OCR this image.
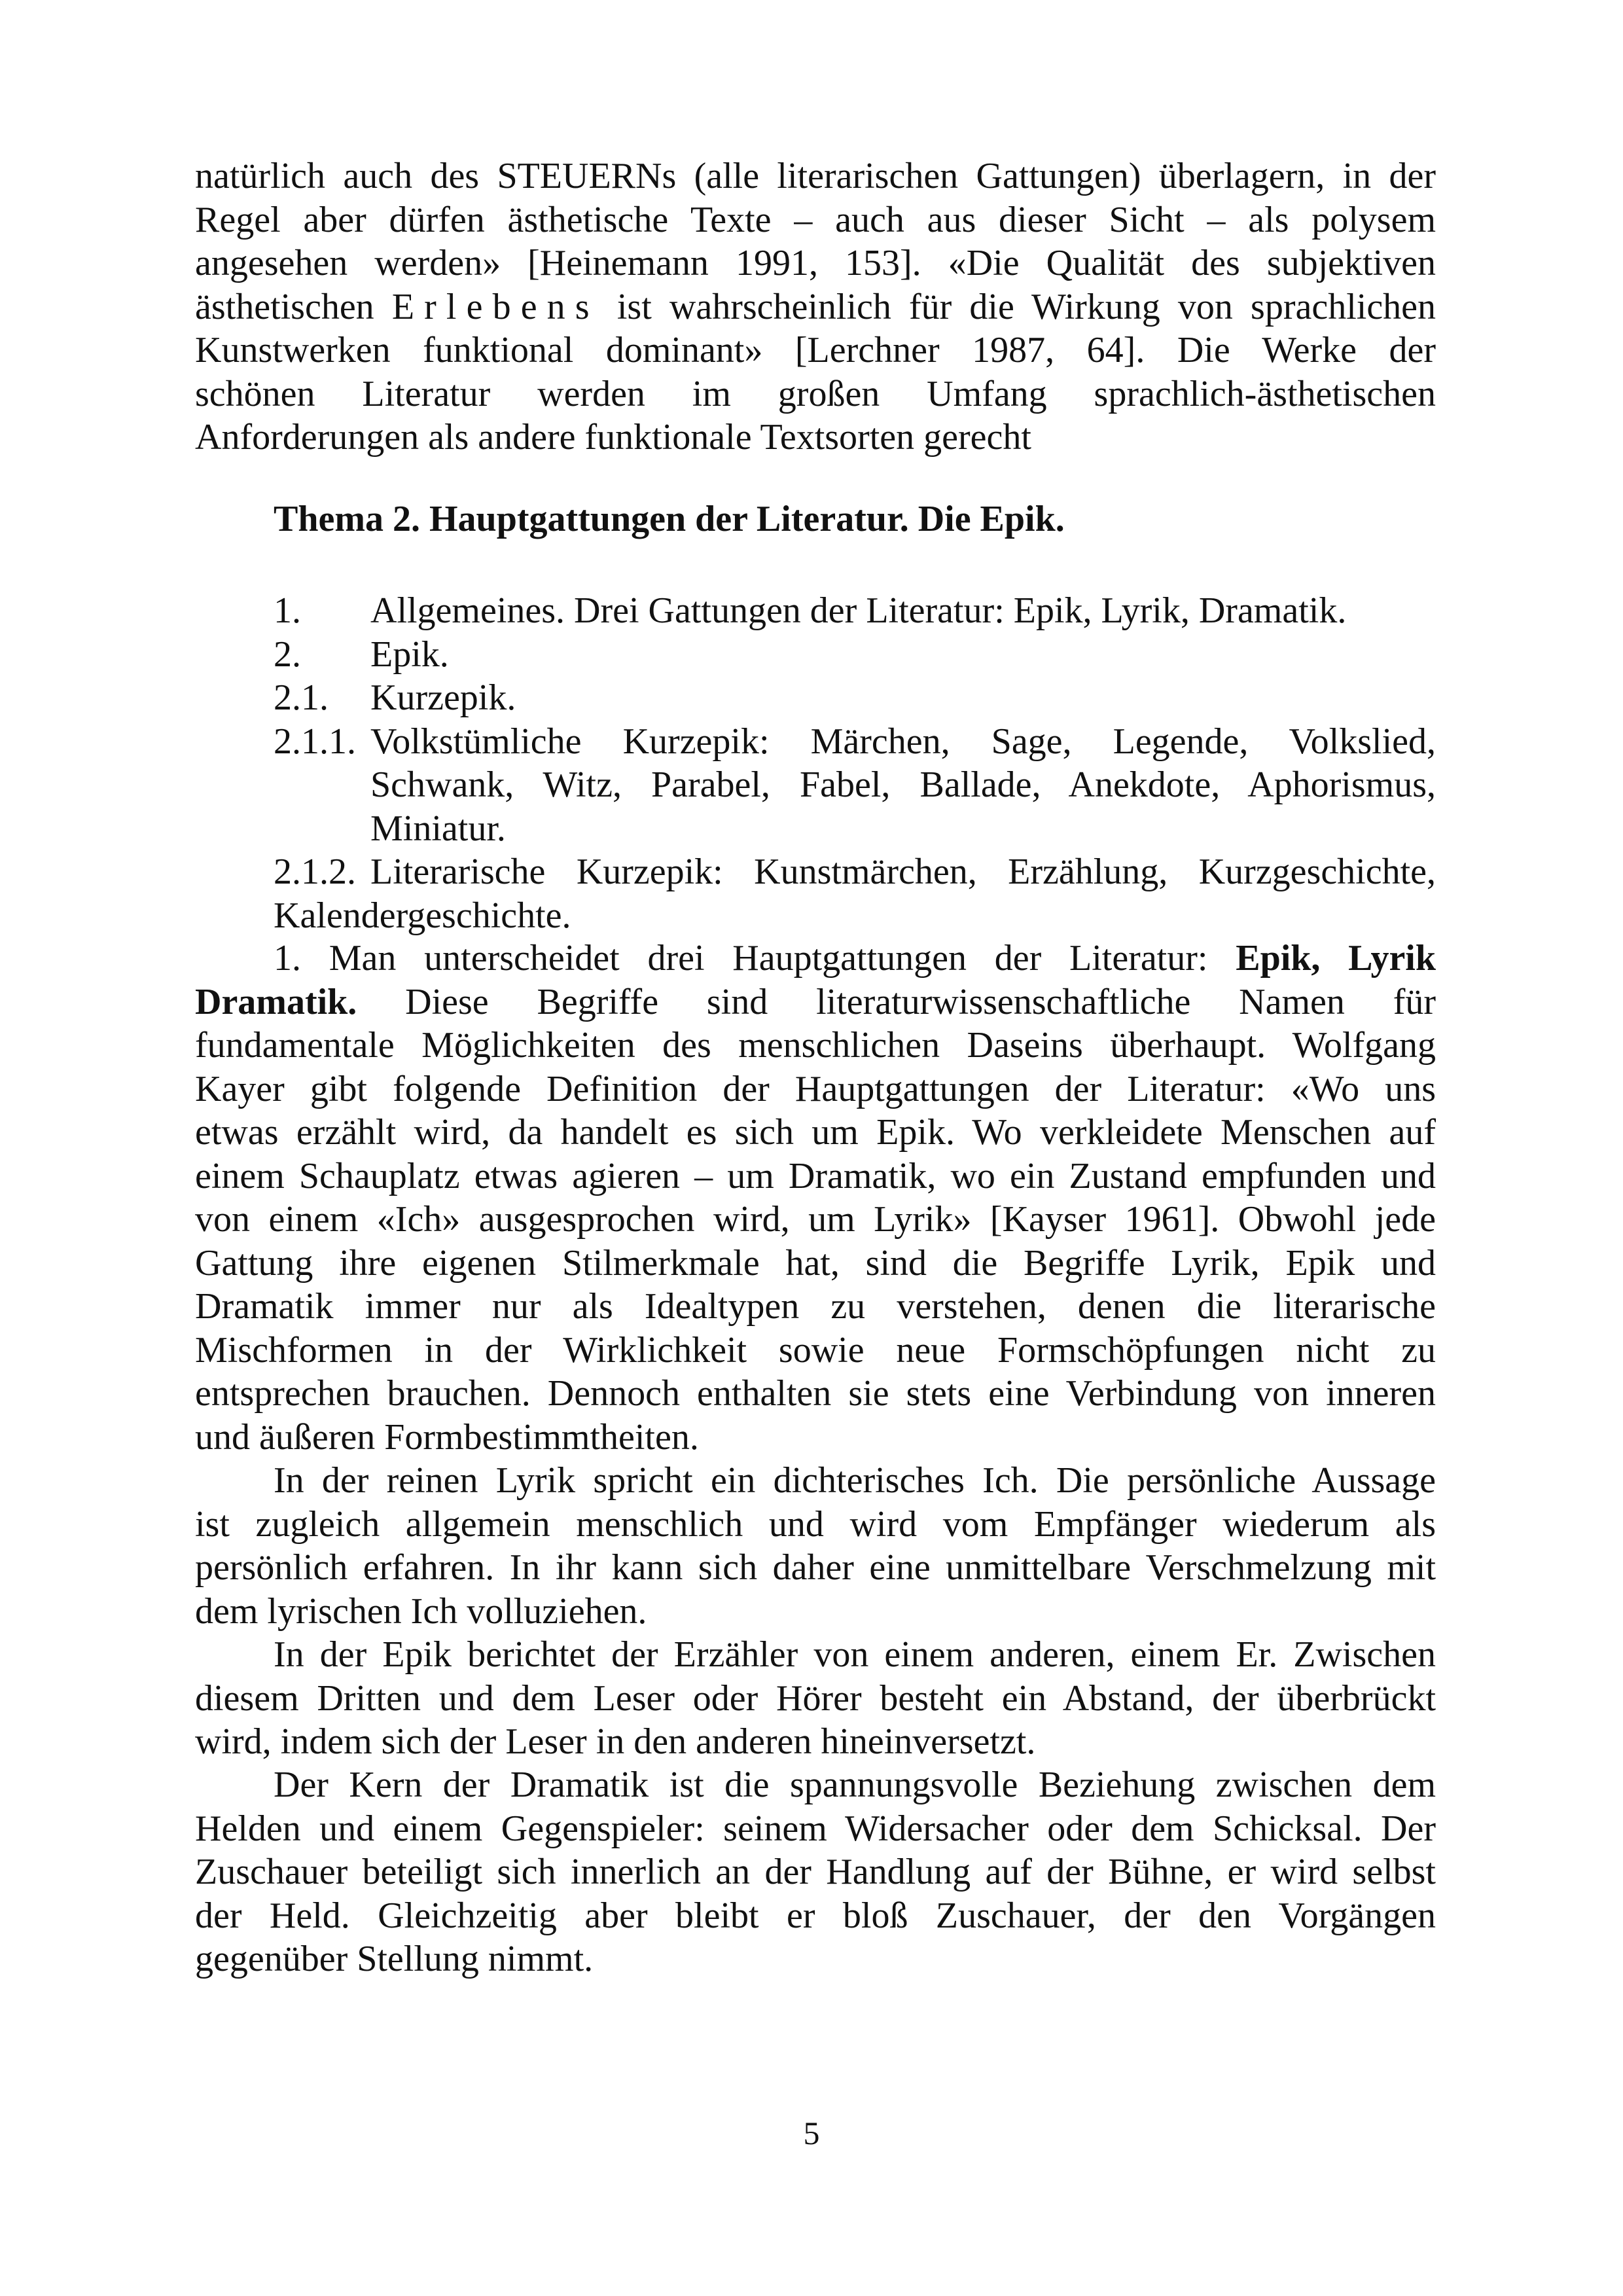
natürlich auch des STEUERNs (alle literarischen Gattungen) überlagern, in der
Regel aber dürfen ästhetische Texte – auch aus dieser Sicht – als polysem
angesehen werden» [Heinemann 1991, 153]. «Die Qualität des subjektiven
ästhetischen Erlebens ist wahrscheinlich für die Wirkung von sprachlichen
Kunstwerken funktional dominant» [Lerchner 1987, 64]. Die Werke der
schönen Literatur werden im großen Umfang sprachlich-ästhetischen
Anforderungen als andere funktionale Textsorten gerecht
Thema 2. Hauptgattungen der Literatur. Die Epik.
1. Allgemeines. Drei Gattungen der Literatur: Epik, Lyrik, Dramatik.
2. Epik.
2.1. Kurzepik.
2.1.1. Volkstümliche Kurzepik: Märchen, Sage, Legende, Volkslied,
Schwank, Witz, Parabel, Fabel, Ballade, Anekdote, Aphorismus,
Miniatur.
2.1.2. Literarische Kurzepik: Kunstmärchen, Erzählung, Kurzgeschichte,
Kalendergeschichte.
1. Man unterscheidet drei Hauptgattungen der Literatur: Epik, Lyrik
Dramatik. Diese Begriffe sind literaturwissenschaftliche Namen für
fundamentale Möglichkeiten des menschlichen Daseins überhaupt. Wolfgang
Kayer gibt folgende Definition der Hauptgattungen der Literatur: «Wo uns
etwas erzählt wird, da handelt es sich um Epik. Wo verkleidete Menschen auf
einem Schauplatz etwas agieren – um Dramatik, wo ein Zustand empfunden und
von einem «Ich» ausgesprochen wird, um Lyrik» [Kayser 1961]. Obwohl jede
Gattung ihre eigenen Stilmerkmale hat, sind die Begriffe Lyrik, Epik und
Dramatik immer nur als Idealtypen zu verstehen, denen die literarische
Mischformen in der Wirklichkeit sowie neue Formschöpfungen nicht zu
entsprechen brauchen. Dennoch enthalten sie stets eine Verbindung von inneren
und äußeren Formbestimmtheiten.
In der reinen Lyrik spricht ein dichterisches Ich. Die persönliche Aussage
ist zugleich allgemein menschlich und wird vom Empfänger wiederum als
persönlich erfahren. In ihr kann sich daher eine unmittelbare Verschmelzung mit
dem lyrischen Ich volluziehen.
In der Epik berichtet der Erzähler von einem anderen, einem Er. Zwischen
diesem Dritten und dem Leser oder Hörer besteht ein Abstand, der überbrückt
wird, indem sich der Leser in den anderen hineinversetzt.
Der Kern der Dramatik ist die spannungsvolle Beziehung zwischen dem
Helden und einem Gegenspieler: seinem Widersacher oder dem Schicksal. Der
Zuschauer beteiligt sich innerlich an der Handlung auf der Bühne, er wird selbst
der Held. Gleichzeitig aber bleibt er bloß Zuschauer, der den Vorgängen
gegenüber Stellung nimmt.
5
